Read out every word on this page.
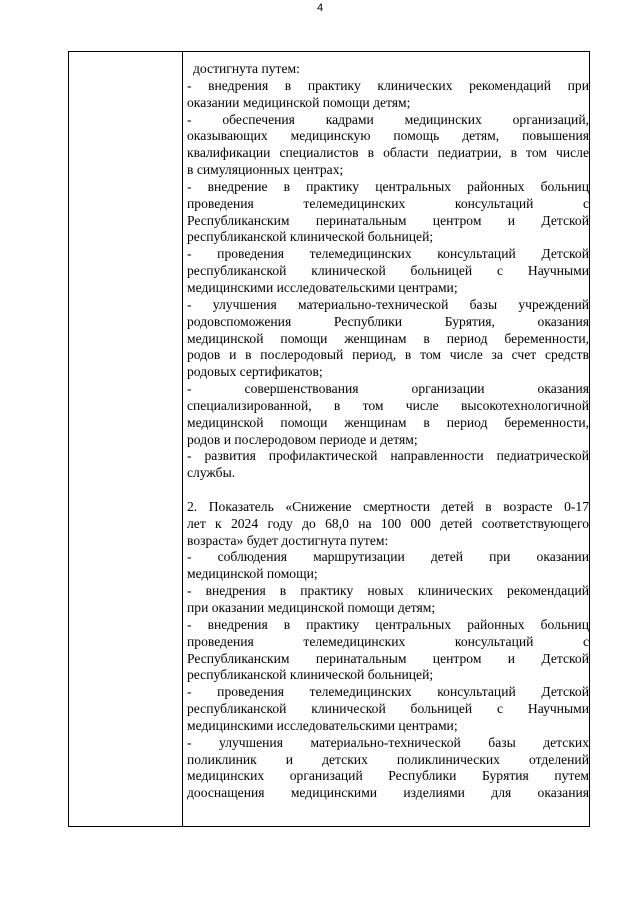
4
достигнута путем:
- внедрения в практику клинических рекомендаций при
оказании медицинской помощи детям;
- обеспечения кадрами медицинских организаций,
оказывающих медицинскую помощь детям, повышения
квалификации специалистов в области педиатрии, в том числе
в симуляционных центрах;
- внедрение в практику центральных районных больниц
проведения телемедицинских консультаций с
Республиканским перинатальным центром и Детской
республиканской клинической больницей;
- проведения телемедицинских консультаций Детской
республиканской клинической больницей с Научными
медицинскими исследовательскими центрами;
- улучшения материально-технической базы учреждений
родовспоможения Республики Бурятия, оказания
медицинской помощи женщинам в период беременности,
родов и в послеродовый период, в том числе за счет средств
родовых сертификатов;
- совершенствования организации оказания
специализированной, в том числе высокотехнологичной
медицинской помощи женщинам в период беременности,
родов и послеродовом периоде и детям;
- развития профилактической направленности педиатрической
службы.
2. Показатель «Снижение смертности детей в возрасте 0-17
лет к 2024 году до 68,0 на 100 000 детей соответствующего
возраста» будет достигнута путем:
- соблюдения маршрутизации детей при оказании
медицинской помощи;
- внедрения в практику новых клинических рекомендаций
при оказании медицинской помощи детям;
- внедрения в практику центральных районных больниц
проведения телемедицинских консультаций с
Республиканским перинатальным центром и Детской
республиканской клинической больницей;
- проведения телемедицинских консультаций Детской
республиканской клинической больницей с Научными
медицинскими исследовательскими центрами;
- улучшения материально-технической базы детских
поликлиник и детских поликлинических отделений
медицинских организаций Республики Бурятия путем
дооснащения медицинскими изделиями для оказания
